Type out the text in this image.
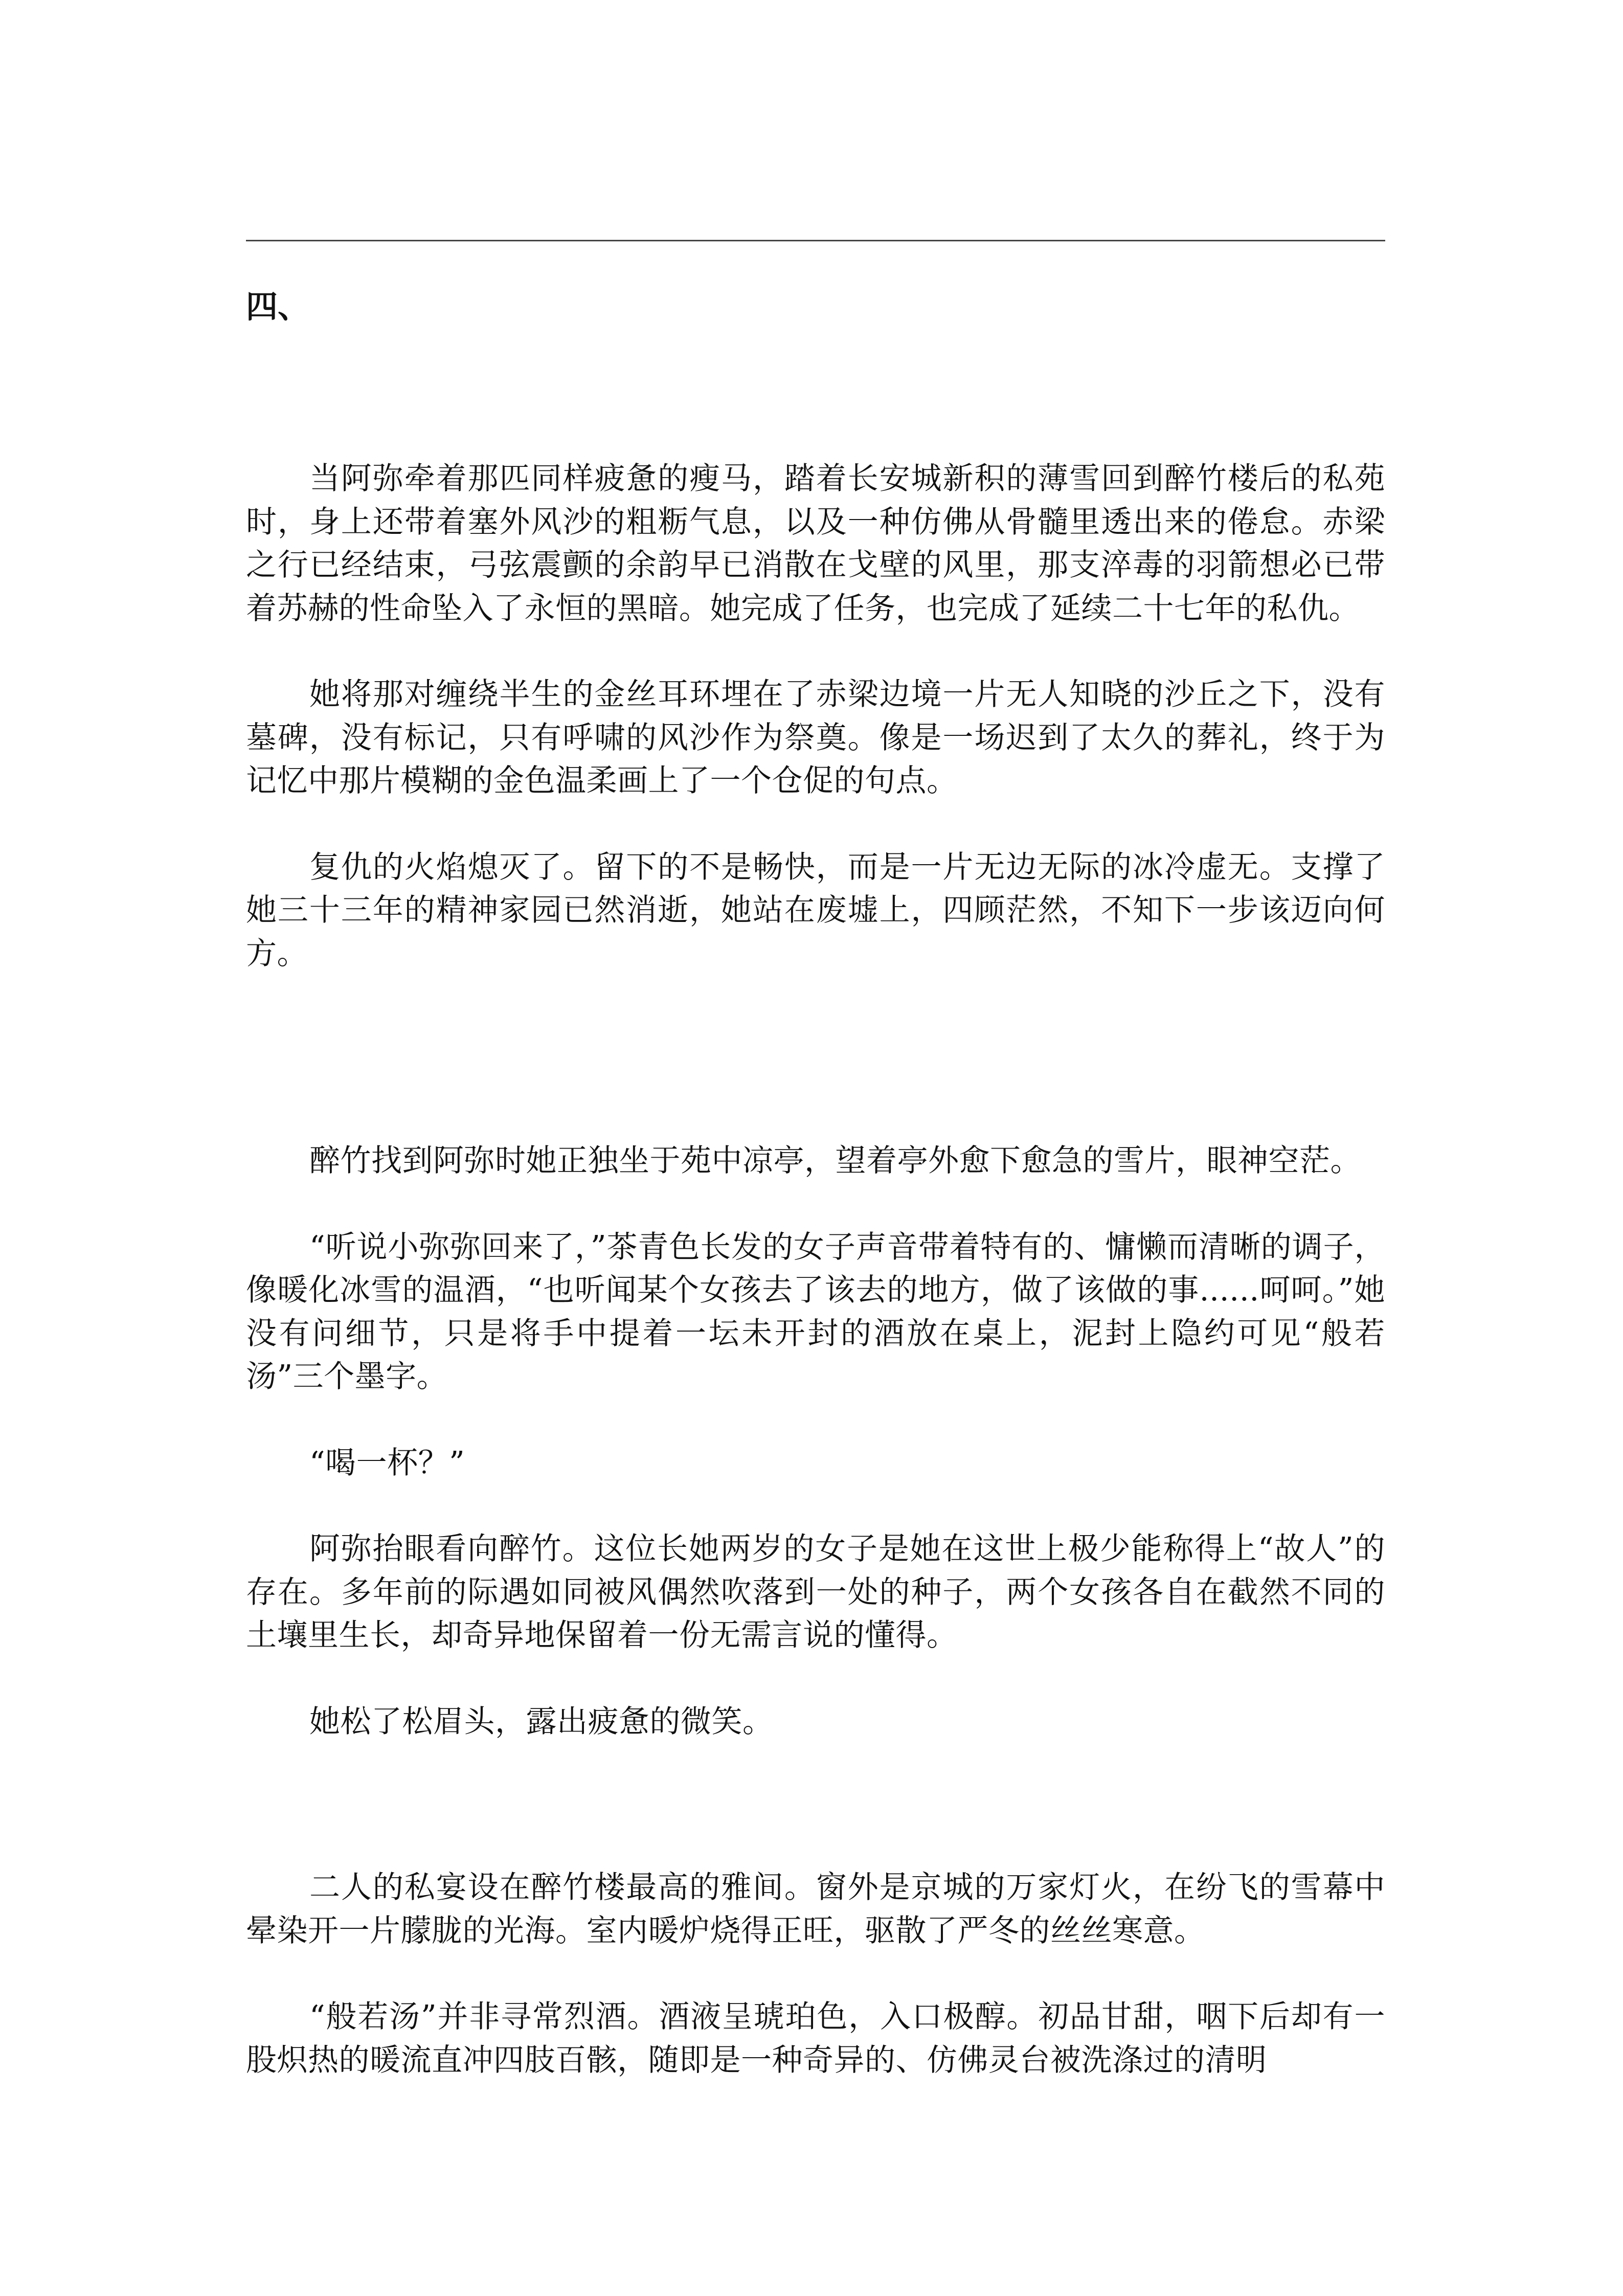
四、

当阿弥牵着那匹同样疲惫的瘦马，踏着长安城新积的薄雪回到醉竹楼后的私苑时，身上还带着塞外风沙的粗粝气息，以及一种仿佛从骨髓里透出来的倦怠。赤梁之行已经结束，弓弦震颤的余韵早已消散在戈壁的风里，那支淬毒的羽箭想必已带着苏赫的性命坠入了永恒的黑暗。她完成了任务，也完成了延续二十七年的私仇。

她将那对缠绕半生的金丝耳环埋在了赤梁边境一片无人知晓的沙丘之下，没有墓碑，没有标记，只有呼啸的风沙作为祭奠。像是一场迟到了太久的葬礼，终于为记忆中那片模糊的金色温柔画上了一个仓促的句点。

复仇的火焰熄灭了。留下的不是畅快，而是一片无边无际的冰冷虚无。支撑了她三十三年的精神家园已然消逝，她站在废墟上，四顾茫然，不知下一步该迈向何方。

醉竹找到阿弥时她正独坐于苑中凉亭，望着亭外愈下愈急的雪片，眼神空茫。

“听说小弥弥回来了，”茶青色长发的女子声音带着特有的、慵懒而清晰的调子，像暖化冰雪的温酒，“也听闻某个女孩去了该去的地方，做了该做的事......呵呵。”她没有问细节，只是将手中提着一坛未开封的酒放在桌上，泥封上隐约可见“般若汤”三个墨字。

“喝一杯？”

阿弥抬眼看向醉竹。这位长她两岁的女子是她在这世上极少能称得上“故人”的存在。多年前的际遇如同被风偶然吹落到一处的种子，两个女孩各自在截然不同的土壤里生长，却奇异地保留着一份无需言说的懂得。

她松了松眉头，露出疲惫的微笑。

二人的私宴设在醉竹楼最高的雅间。窗外是京城的万家灯火，在纷飞的雪幕中晕染开一片朦胧的光海。室内暖炉烧得正旺，驱散了严冬的丝丝寒意。

“般若汤”并非寻常烈酒。酒液呈琥珀色，入口极醇。初品甘甜，咽下后却有一股炽热的暖流直冲四肢百骸，随即是一种奇异的、仿佛灵台被洗涤过的清明
